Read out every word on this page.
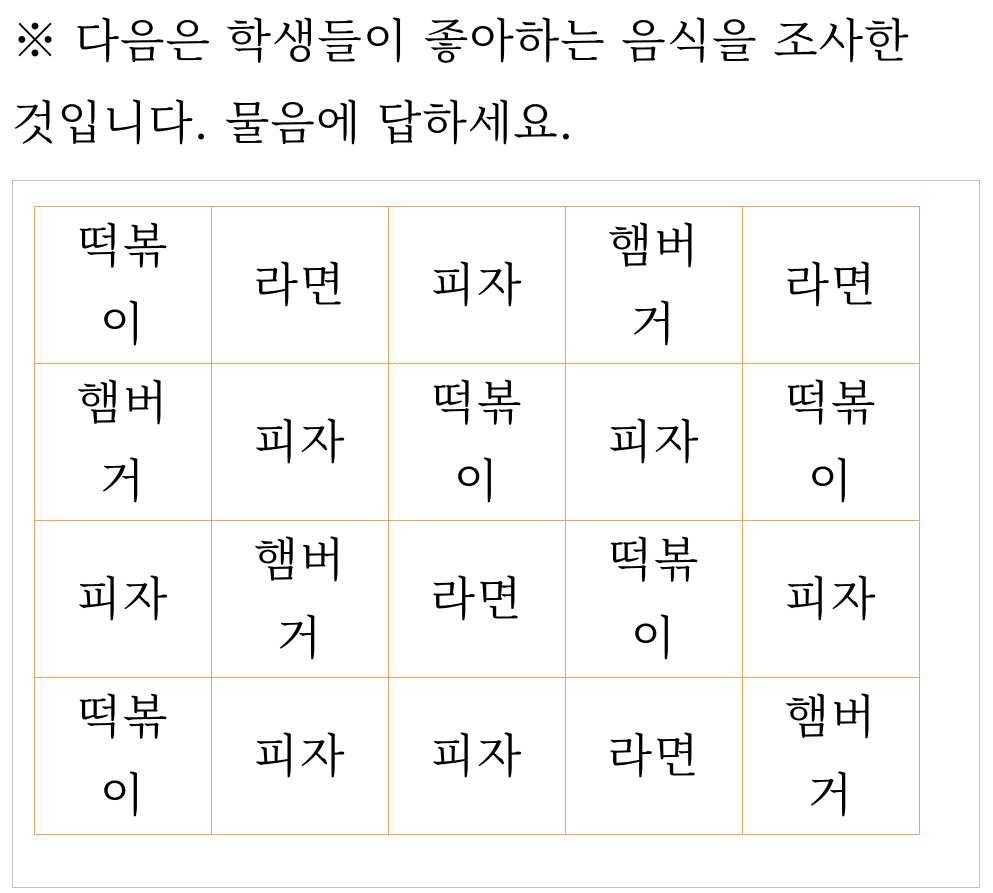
※ 다음은 학생들이 좋아하는 음식을 조사한
것입니다. 물음에 답하세요.
떡볶이	라면	피자	햄버거	라면

햄버거	피자	떡볶이	피자	떡볶이

피자	햄버거	라면	떡볶이	피자

떡볶이	피자	피자	라면	햄버거
